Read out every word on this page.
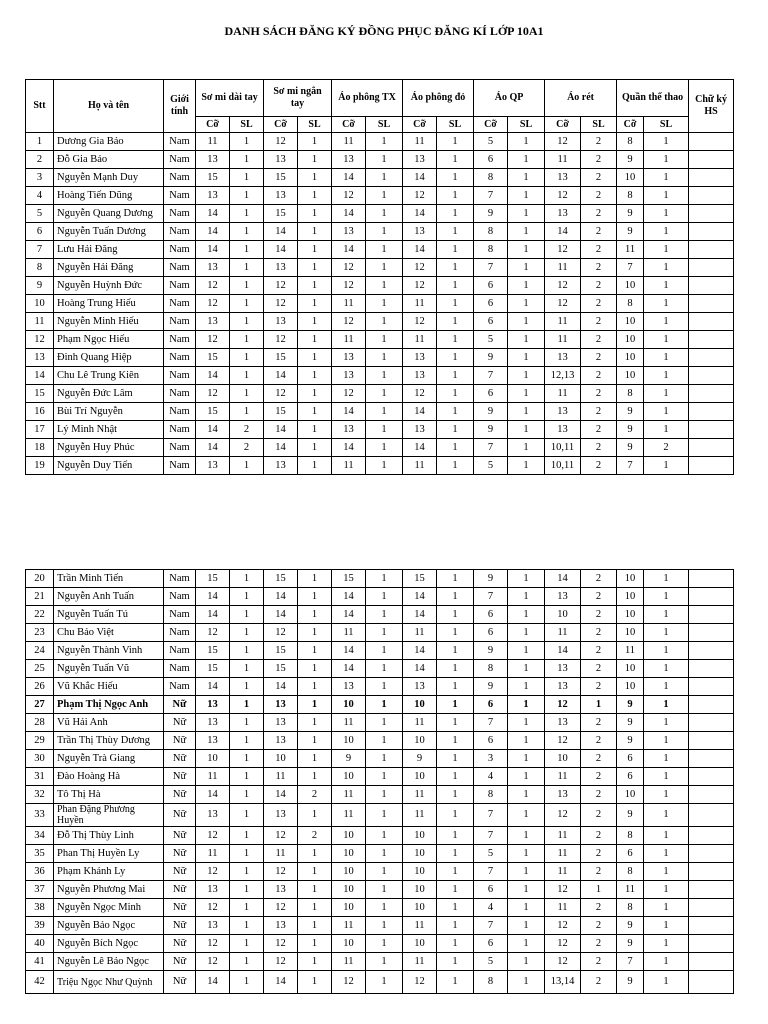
DANH SÁCH ĐĂNG KÝ ĐỒNG PHỤC ĐĂNG KÍ LỚP 10A1
Stt	Họ và tên	Giới tính	Sơ mi dài tay		Sơ mi ngắn tay		Áo phông TX		Áo phông đỏ		Áo QP		Áo rét		Quần thể thao		Chữ ký HS
			Cỡ	SL	Cỡ	SL	Cỡ	SL	Cỡ	SL	Cỡ	SL	Cỡ	SL	Cỡ	SL	
1	Dương Gia Bảo	Nam	11	1	12	1	11	1	11	1	5	1	12	2	8	1	
2	Đỗ Gia Bảo	Nam	13	1	13	1	13	1	13	1	6	1	11	2	9	1	
3	Nguyễn Mạnh Duy	Nam	15	1	15	1	14	1	14	1	8	1	13	2	10	1	
4	Hoàng Tiến Dũng	Nam	13	1	13	1	12	1	12	1	7	1	12	2	8	1	
5	Nguyễn Quang Dương	Nam	14	1	15	1	14	1	14	1	9	1	13	2	9	1	
6	Nguyễn Tuấn Dương	Nam	14	1	14	1	13	1	13	1	8	1	14	2	9	1	
7	Lưu Hải Đăng	Nam	14	1	14	1	14	1	14	1	8	1	12	2	11	1	
8	Nguyễn Hải Đăng	Nam	13	1	13	1	12	1	12	1	7	1	11	2	7	1	
9	Nguyễn Huỳnh Đức	Nam	12	1	12	1	12	1	12	1	6	1	12	2	10	1	
10	Hoàng Trung Hiếu	Nam	12	1	12	1	11	1	11	1	6	1	12	2	8	1	
11	Nguyễn Minh Hiếu	Nam	13	1	13	1	12	1	12	1	6	1	11	2	10	1	
12	Phạm Ngọc Hiếu	Nam	12	1	12	1	11	1	11	1	5	1	11	2	10	1	
13	Đinh Quang Hiệp	Nam	15	1	15	1	13	1	13	1	9	1	13	2	10	1	
14	Chu Lê Trung Kiên	Nam	14	1	14	1	13	1	13	1	7	1	12,13	2	10	1	
15	Nguyễn Đức Lâm	Nam	12	1	12	1	12	1	12	1	6	1	11	2	8	1	
16	Bùi Trí Nguyễn	Nam	15	1	15	1	14	1	14	1	9	1	13	2	9	1	
17	Lý Minh Nhật	Nam	14	2	14	1	13	1	13	1	9	1	13	2	9	1	
18	Nguyễn Huy Phúc	Nam	14	2	14	1	14	1	14	1	7	1	10,11	2	9	2	
19	Nguyễn Duy Tiến	Nam	13	1	13	1	11	1	11	1	5	1	10,11	2	7	1	
20	Trần Minh Tiến	Nam	15	1	15	1	15	1	15	1	9	1	14	2	10	1	
21	Nguyễn Anh Tuấn	Nam	14	1	14	1	14	1	14	1	7	1	13	2	10	1	
22	Nguyễn Tuấn Tú	Nam	14	1	14	1	14	1	14	1	6	1	10	2	10	1	
23	Chu Bảo Việt	Nam	12	1	12	1	11	1	11	1	6	1	11	2	10	1	
24	Nguyễn Thành Vinh	Nam	15	1	15	1	14	1	14	1	9	1	14	2	11	1	
25	Nguyễn Tuấn Vũ	Nam	15	1	15	1	14	1	14	1	8	1	13	2	10	1	
26	Vũ Khắc Hiếu	Nam	14	1	14	1	13	1	13	1	9	1	13	2	10	1	
27	Phạm Thị Ngọc Anh	Nữ	13	1	13	1	10	1	10	1	6	1	12	1	9	1	
28	Vũ Hải Anh	Nữ	13	1	13	1	11	1	11	1	7	1	13	2	9	1	
29	Trần Thị Thùy Dương	Nữ	13	1	13	1	10	1	10	1	6	1	12	2	9	1	
30	Nguyễn Trà Giang	Nữ	10	1	10	1	9	1	9	1	3	1	10	2	6	1	
31	Đào Hoàng Hà	Nữ	11	1	11	1	10	1	10	1	4	1	11	2	6	1	
32	Tô Thị Hà	Nữ	14	1	14	2	11	1	11	1	8	1	13	2	10	1	
33	Phan Đặng Phương Huyền	Nữ	13	1	13	1	11	1	11	1	7	1	12	2	9	1	
34	Đỗ Thị Thùy Linh	Nữ	12	1	12	2	10	1	10	1	7	1	11	2	8	1	
35	Phan Thị Huyền Ly	Nữ	11	1	11	1	10	1	10	1	5	1	11	2	6	1	
36	Phạm Khánh Ly	Nữ	12	1	12	1	10	1	10	1	7	1	11	2	8	1	
37	Nguyễn Phương Mai	Nữ	13	1	13	1	10	1	10	1	6	1	12	1	11	1	
38	Nguyễn Ngọc Minh	Nữ	12	1	12	1	10	1	10	1	4	1	11	2	8	1	
39	Nguyễn Bảo Ngọc	Nữ	13	1	13	1	11	1	11	1	7	1	12	2	9	1	
40	Nguyễn Bích Ngọc	Nữ	12	1	12	1	10	1	10	1	6	1	12	2	9	1	
41	Nguyễn Lê Bảo Ngọc	Nữ	12	1	12	1	11	1	11	1	5	1	12	2	7	1	
42	Triệu Ngọc Như Quỳnh	Nữ	14	1	14	1	12	1	12	1	8	1	13,14	2	9	1	
